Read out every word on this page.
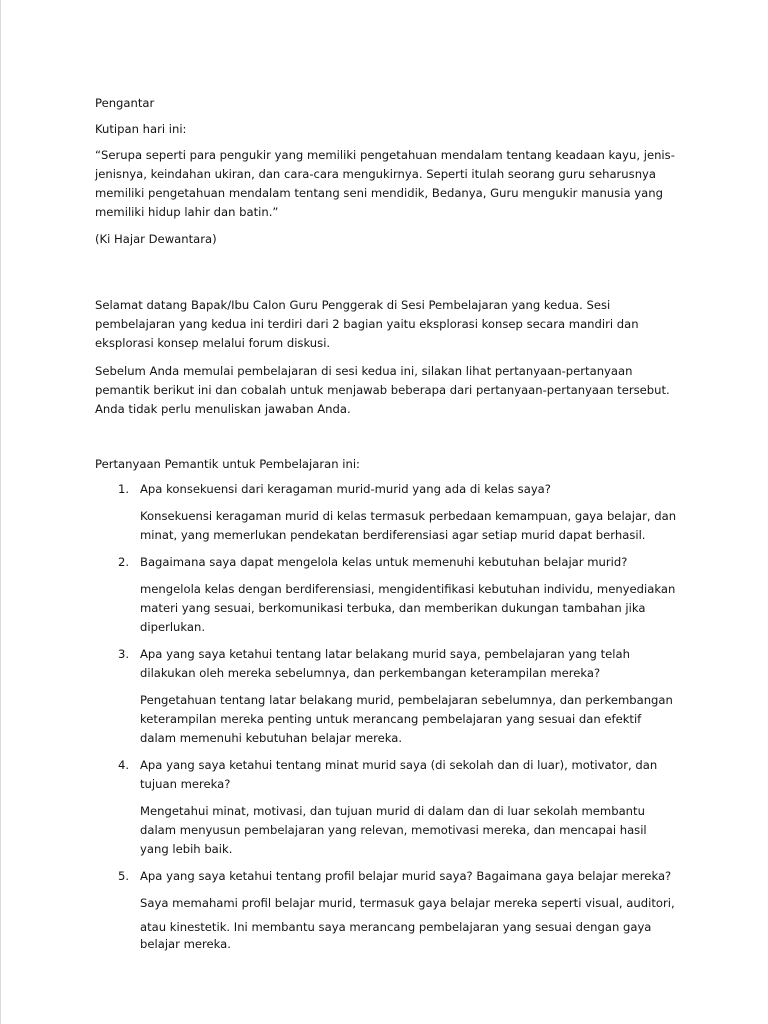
Pengantar

Kutipan hari ini:

“Serupa seperti para pengukir yang memiliki pengetahuan mendalam tentang keadaan kayu, jenis-jenisnya, keindahan ukiran, dan cara-cara mengukirnya. Seperti itulah seorang guru seharusnya memiliki pengetahuan mendalam tentang seni mendidik, Bedanya, Guru mengukir manusia yang memiliki hidup lahir dan batin.”

(Ki Hajar Dewantara)

Selamat datang Bapak/Ibu Calon Guru Penggerak di Sesi Pembelajaran yang kedua. Sesi pembelajaran yang kedua ini terdiri dari 2 bagian yaitu eksplorasi konsep secara mandiri dan eksplorasi konsep melalui forum diskusi.

Sebelum Anda memulai pembelajaran di sesi kedua ini, silakan lihat pertanyaan-pertanyaan pemantik berikut ini dan cobalah untuk menjawab beberapa dari pertanyaan-pertanyaan tersebut. Anda tidak perlu menuliskan jawaban Anda.

Pertanyaan Pemantik untuk Pembelajaran ini:

1. Apa konsekuensi dari keragaman murid-murid yang ada di kelas saya?

Konsekuensi keragaman murid di kelas termasuk perbedaan kemampuan, gaya belajar, dan minat, yang memerlukan pendekatan berdiferensiasi agar setiap murid dapat berhasil.

2. Bagaimana saya dapat mengelola kelas untuk memenuhi kebutuhan belajar murid?

mengelola kelas dengan berdiferensiasi, mengidentifikasi kebutuhan individu, menyediakan materi yang sesuai, berkomunikasi terbuka, dan memberikan dukungan tambahan jika diperlukan.

3. Apa yang saya ketahui tentang latar belakang murid saya, pembelajaran yang telah dilakukan oleh mereka sebelumnya, dan perkembangan keterampilan mereka?

Pengetahuan tentang latar belakang murid, pembelajaran sebelumnya, dan perkembangan keterampilan mereka penting untuk merancang pembelajaran yang sesuai dan efektif dalam memenuhi kebutuhan belajar mereka.

4. Apa yang saya ketahui tentang minat murid saya (di sekolah dan di luar), motivator, dan tujuan mereka?

Mengetahui minat, motivasi, dan tujuan murid di dalam dan di luar sekolah membantu dalam menyusun pembelajaran yang relevan, memotivasi mereka, dan mencapai hasil yang lebih baik.

5. Apa yang saya ketahui tentang profil belajar murid saya? Bagaimana gaya belajar mereka?

Saya memahami profil belajar murid, termasuk gaya belajar mereka seperti visual, auditori,

atau kinestetik. Ini membantu saya merancang pembelajaran yang sesuai dengan gaya belajar mereka.
